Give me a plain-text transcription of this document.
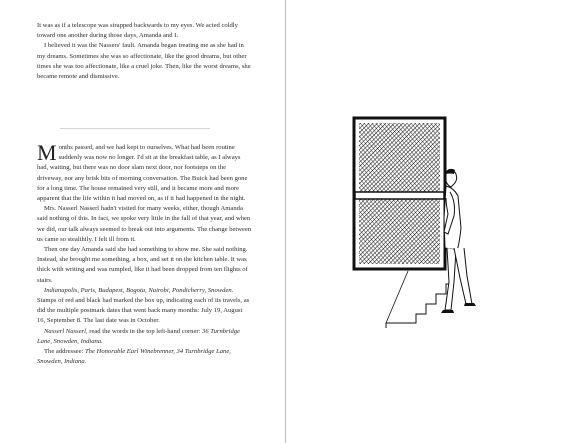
It was as if a telescope was strapped backwards to my eyes. We acted coldly toward one another during those days, Amanda and I.

I believed it was the Nassers' fault. Amanda began treating me as she had in my dreams. Sometimes she was so affectionate, like the good dreams, but other times she was too affectionate, like a cruel joke. Then, like the worst dreams, she became remote and dismissive.

Months passed, and we had kept to ourselves. What had been routine suddenly was now no longer. I'd sit at the breakfast table, as I always had, waiting, but there was no door slam next door, nor footsteps on the driveway, nor any brisk bits of morning conversation. The Buick had been gone for a long time. The house remained very still, and it became more and more apparent that the life within it had moved on, as if it had happened in the night.

Mrs. Nasserl Nasserl hadn't visited for many weeks, either, though Amanda said nothing of this. In fact, we spoke very little in the fall of that year, and when we did, our talk always seemed to break out into arguments. The change between us came so stealthily. I felt ill from it.

Then one day Amanda said she had something to show me. She said nothing. Instead, she brought me something, a box, and set it on the kitchen table. It was thick with writing and was rumpled, like it had been dropped from ten flights of stairs.

Indianapolis, Paris, Budapest, Bogota, Nairobi, Pondicherry, Snowden. Stamps of red and black had marked the box up, indicating each of its travels, as did the multiple postmark dates that went back many months: July 19, August 16, September 8. The last date was in October.

Nasserl Nasserl, read the words in the top left-hand corner: 36 Turnbridge Lane, Snowden, Indiana.

The addressee: The Honorable Earl Winebrenner, 34 Turnbridge Lane, Snowden, Indiana.
